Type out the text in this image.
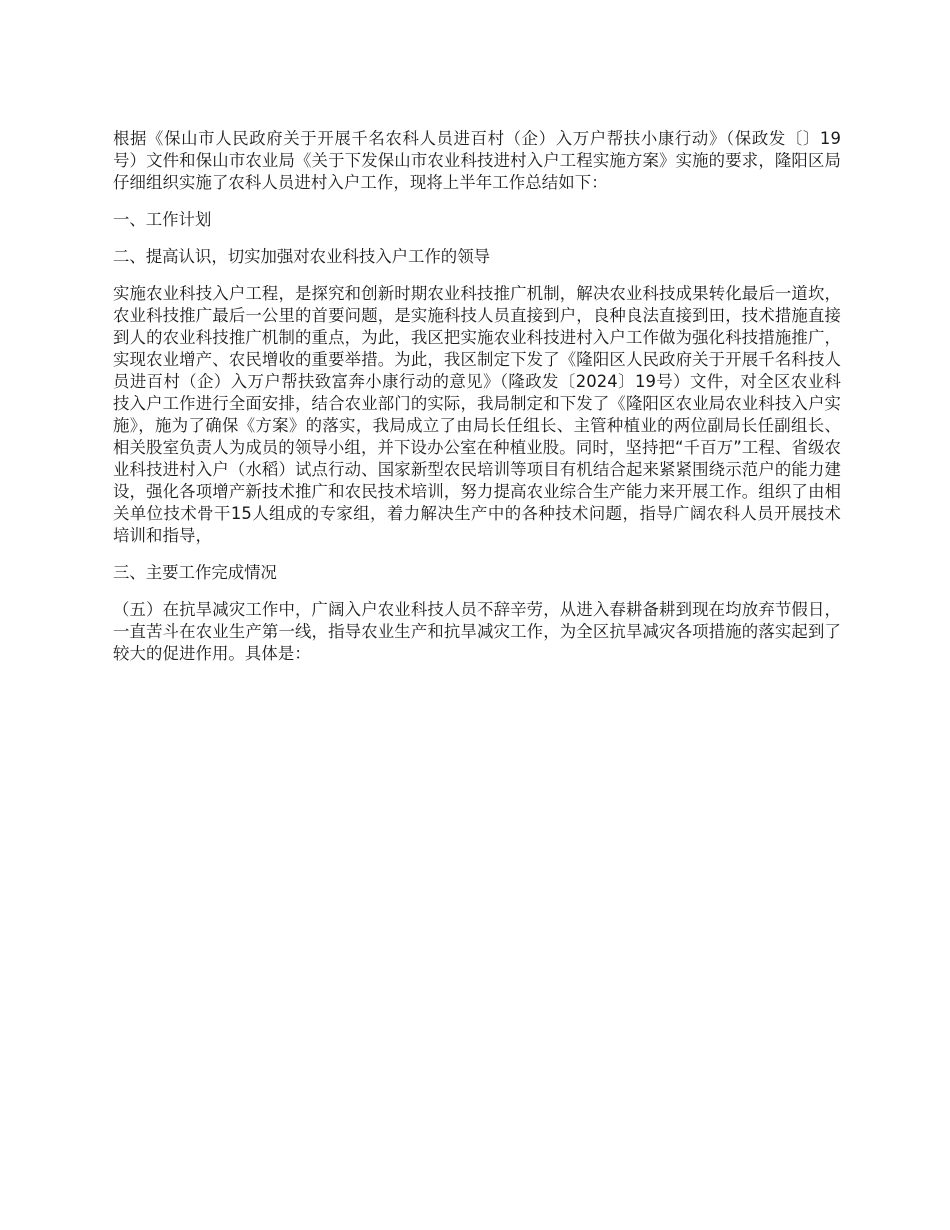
根据《保山市人民政府关于开展千名农科人员进百村（企）入万户帮扶小康行动》（保政发〔〕19号）文件和保山市农业局《关于下发保山市农业科技进村入户工程实施方案》实施的要求，隆阳区局仔细组织实施了农科人员进村入户工作，现将上半年工作总结如下：

一、工作计划

二、提高认识，切实加强对农业科技入户工作的领导

实施农业科技入户工程，是探究和创新时期农业科技推广机制，解决农业科技成果转化最后一道坎，农业科技推广最后一公里的首要问题，是实施科技人员直接到户，良种良法直接到田，技术措施直接到人的农业科技推广机制的重点，为此，我区把实施农业科技进村入户工作做为强化科技措施推广，实现农业增产、农民增收的重要举措。为此，我区制定下发了《隆阳区人民政府关于开展千名科技人员进百村（企）入万户帮扶致富奔小康行动的意见》（隆政发〔2024〕19号）文件，对全区农业科技入户工作进行全面安排，结合农业部门的实际，我局制定和下发了《隆阳区农业局农业科技入户实施》，施为了确保《方案》的落实，我局成立了由局长任组长、主管种植业的两位副局长任副组长、相关股室负责人为成员的领导小组，并下设办公室在种植业股。同时，坚持把“千百万”工程、省级农业科技进村入户（水稻）试点行动、国家新型农民培训等项目有机结合起来紧紧围绕示范户的能力建设，强化各项增产新技术推广和农民技术培训，努力提高农业综合生产能力来开展工作。组织了由相关单位技术骨干15人组成的专家组，着力解决生产中的各种技术问题，指导广阔农科人员开展技术培训和指导，

三、主要工作完成情况

（五）在抗旱减灾工作中，广阔入户农业科技人员不辞辛劳，从进入春耕备耕到现在均放弃节假日，一直苦斗在农业生产第一线，指导农业生产和抗旱减灾工作，为全区抗旱减灾各项措施的落实起到了较大的促进作用。具体是：
